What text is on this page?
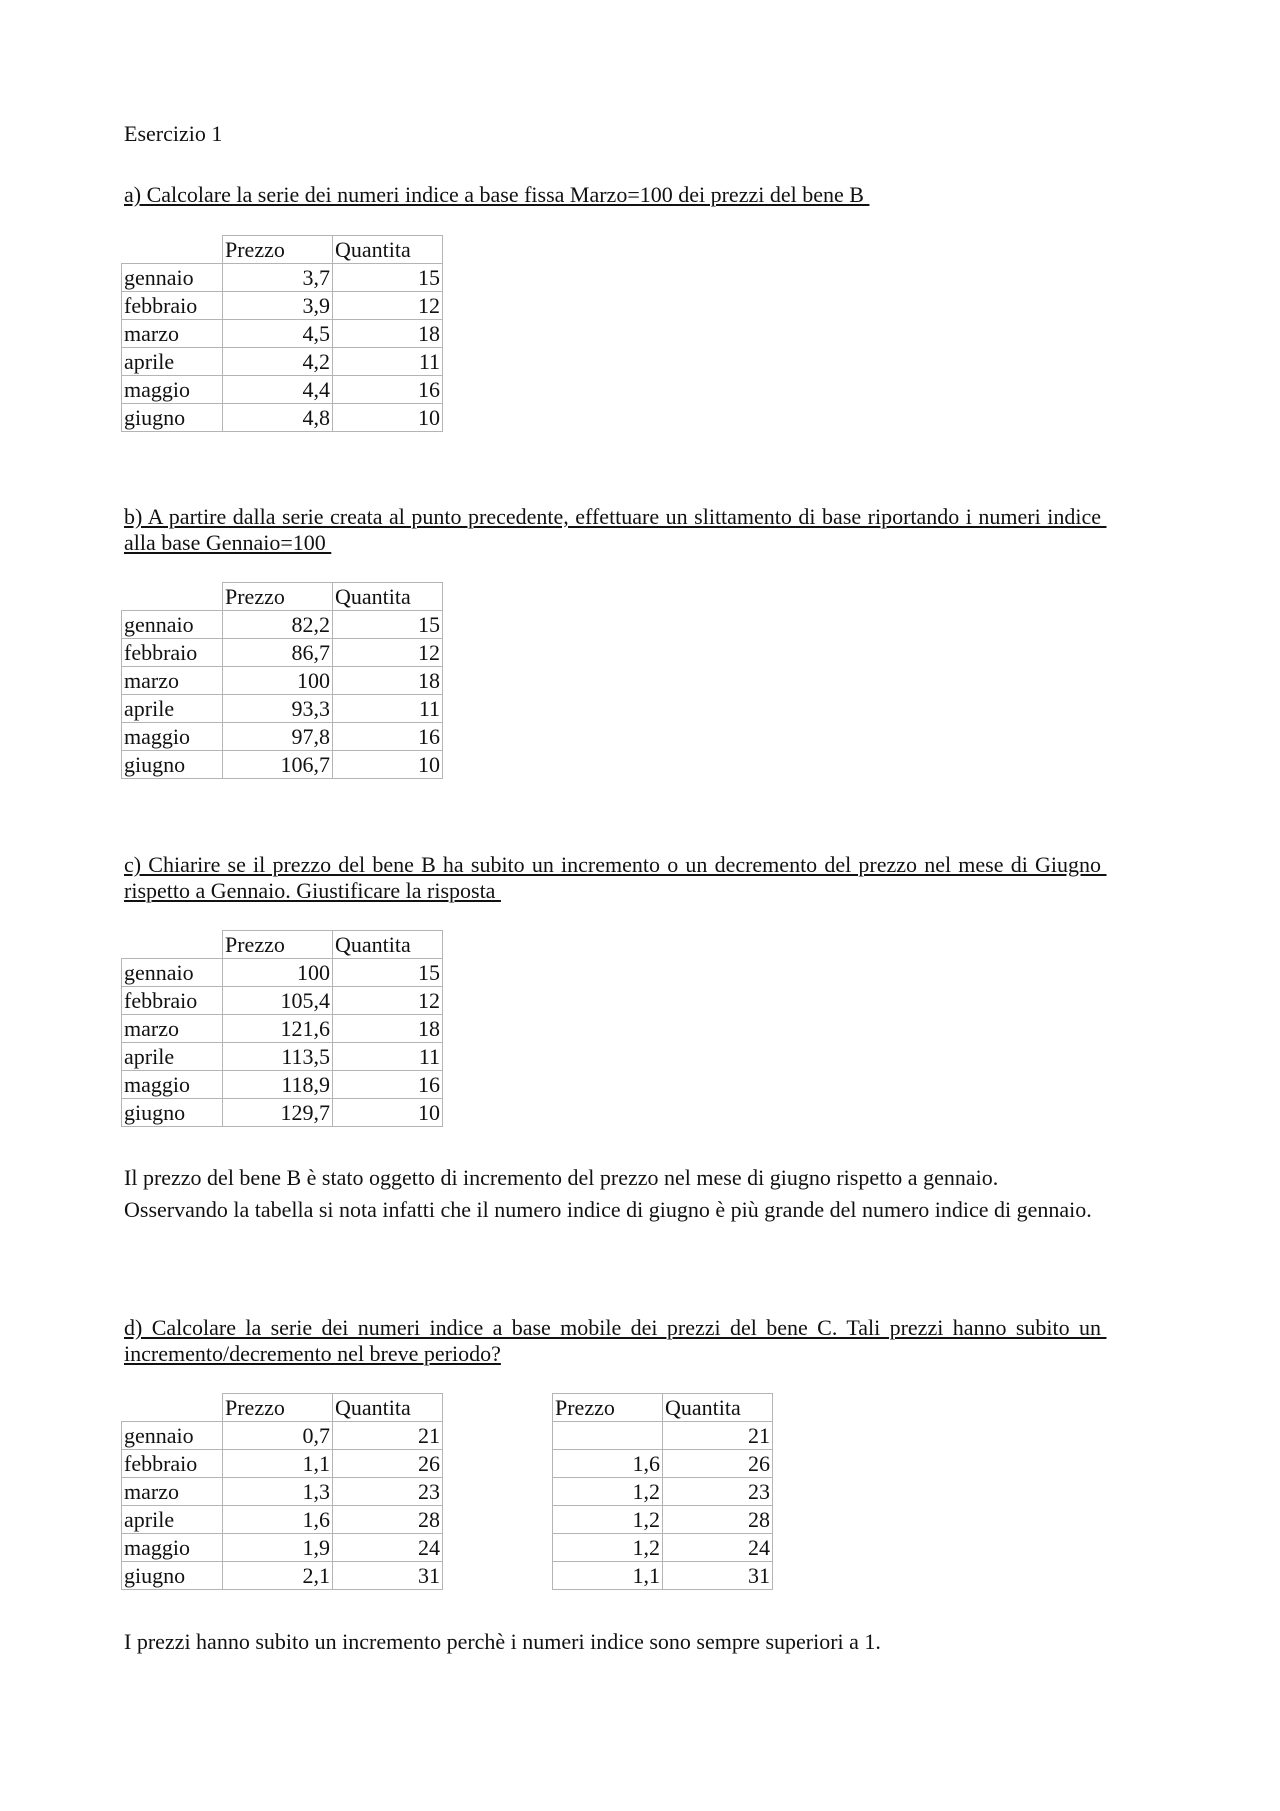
Esercizio 1

a) Calcolare la serie dei numeri indice a base fissa Marzo=100 dei prezzi del bene B

	Prezzo	Quantita
gennaio	3,7	15
febbraio	3,9	12
marzo	4,5	18
aprile	4,2	11
maggio	4,4	16
giugno	4,8	10

b) A partire dalla serie creata al punto precedente, effettuare un slittamento di base riportando i numeri indice alla base Gennaio=100

	Prezzo	Quantita
gennaio	82,2	15
febbraio	86,7	12
marzo	100	18
aprile	93,3	11
maggio	97,8	16
giugno	106,7	10

c) Chiarire se il prezzo del bene B ha subito un incremento o un decremento del prezzo nel mese di Giugno rispetto a Gennaio. Giustificare la risposta

	Prezzo	Quantita
gennaio	100	15
febbraio	105,4	12
marzo	121,6	18
aprile	113,5	11
maggio	118,9	16
giugno	129,7	10

Il prezzo del bene B è stato oggetto di incremento del prezzo nel mese di giugno rispetto a gennaio.

Osservando la tabella si nota infatti che il numero indice di giugno è più grande del numero indice di gennaio.

d) Calcolare la serie dei numeri indice a base mobile dei prezzi del bene C. Tali prezzi hanno subito un incremento/decremento nel breve periodo?

	Prezzo	Quantita
gennaio	0,7	21
febbraio	1,1	26
marzo	1,3	23
aprile	1,6	28
maggio	1,9	24
giugno	2,1	31
Prezzo	Quantita
	21
1,6	26
1,2	23
1,2	28
1,2	24
1,1	31

I prezzi hanno subito un incremento perchè i numeri indice sono sempre superiori a 1.
